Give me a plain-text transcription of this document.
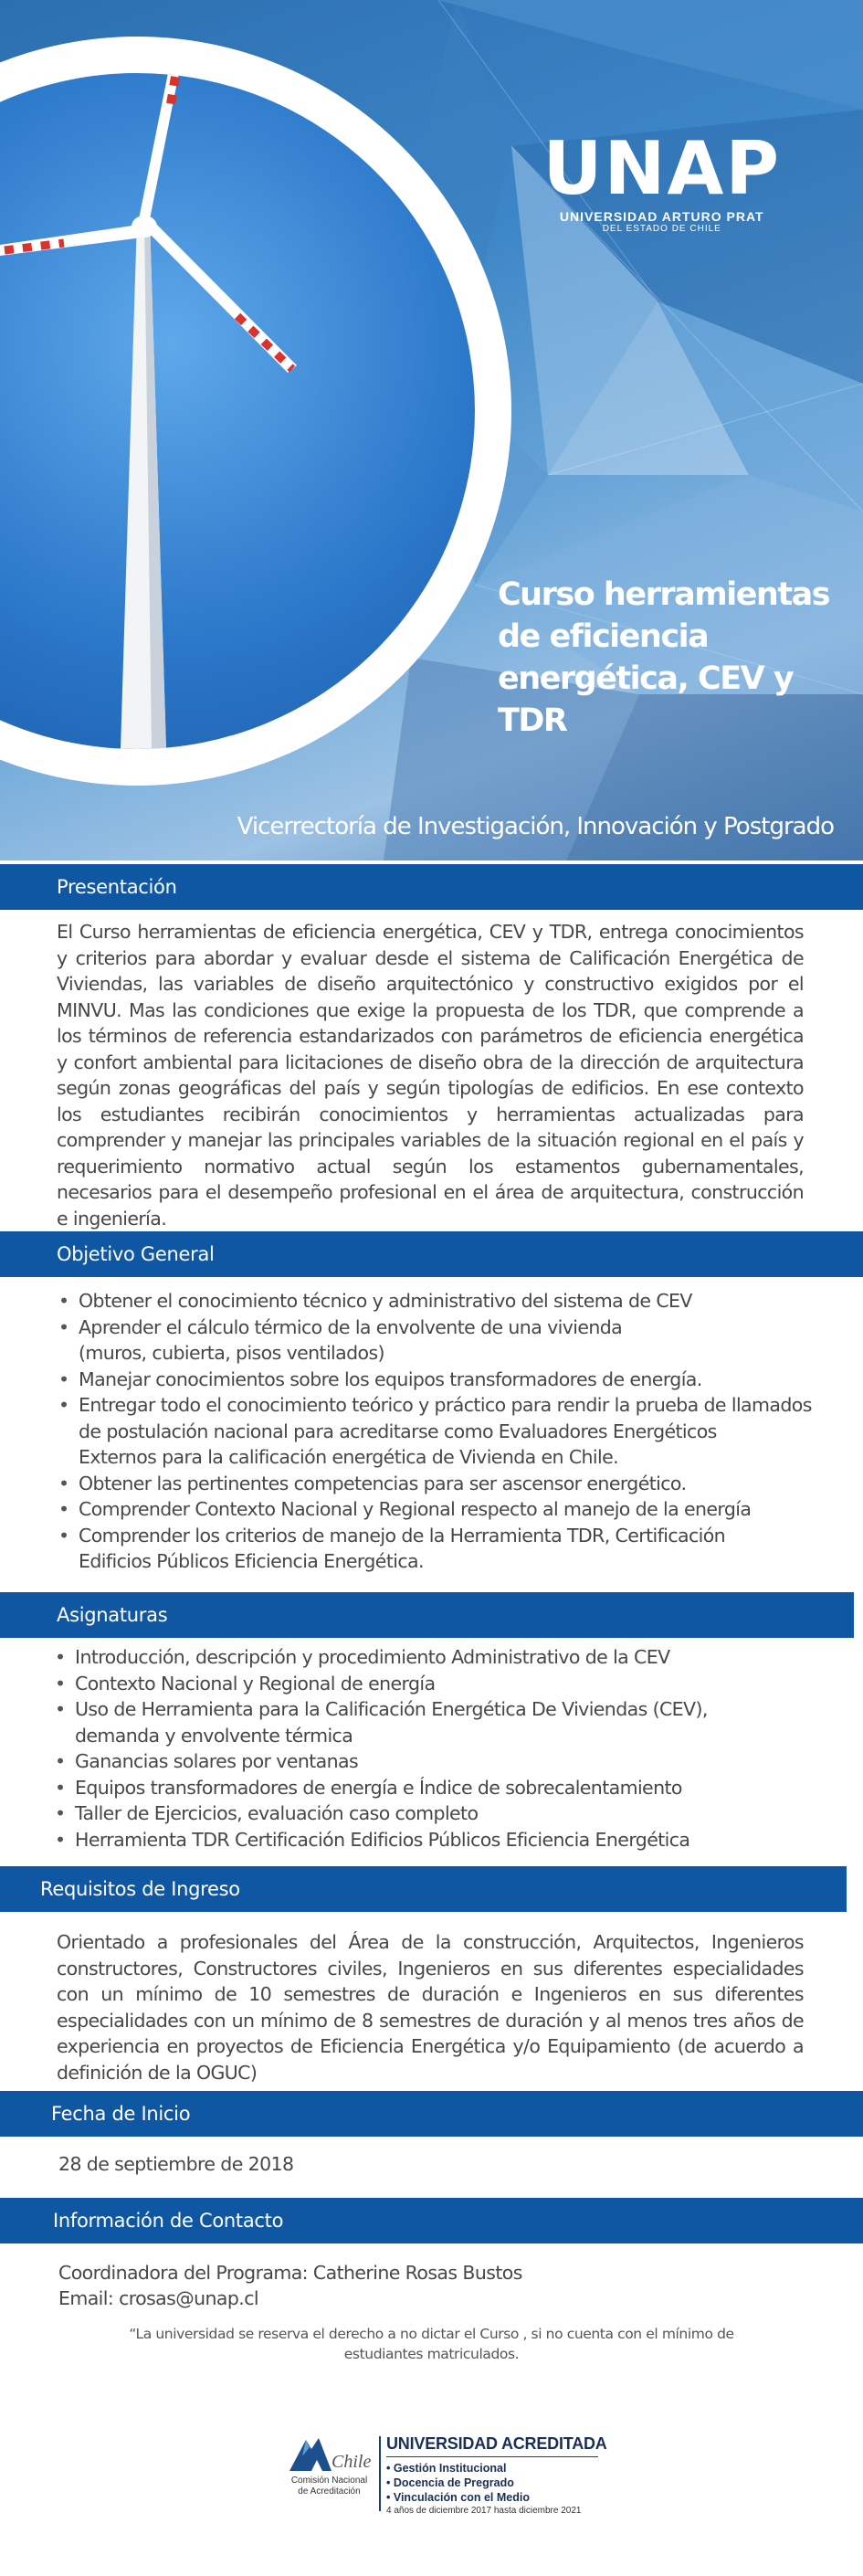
UNAP
UNIVERSIDAD ARTURO PRAT
DEL ESTADO DE CHILE
Curso herramientas de eficiencia energética, CEV y TDR
Vicerrectoría de Investigación, Innovación y Postgrado
Presentación

El Curso herramientas de eficiencia energética, CEV y TDR, entrega conocimientos y criterios para abordar y evaluar desde el sistema de Calificación Energética de Viviendas, las variables de diseño arquitectónico y constructivo exigidos por el MINVU. Mas las condiciones que exige la propuesta de los TDR, que comprende a los términos de referencia estandarizados con parámetros de eficiencia energética y confort ambiental para licitaciones de diseño obra de la dirección de arquitectura según zonas geográficas del país y según tipologías de edificios. En ese contexto los estudiantes recibirán conocimientos y herramientas actualizadas para comprender y manejar las principales variables de la situación regional en el país y requerimiento normativo actual según los estamentos gubernamentales, necesarios para el desempeño profesional en el área de arquitectura, construcción e ingeniería.

Objetivo General
• Obtener el conocimiento técnico y administrativo del sistema de CEV
• Aprender el cálculo térmico de la envolvente de una vivienda
(muros, cubierta, pisos ventilados)
• Manejar conocimientos sobre los equipos transformadores de energía.
• Entregar todo el conocimiento teórico y práctico para rendir la prueba de llamados
de postulación nacional para acreditarse como Evaluadores Energéticos
Externos para la calificación energética de Vivienda en Chile.
• Obtener las pertinentes competencias para ser ascensor energético.
• Comprender Contexto Nacional y Regional respecto al manejo de la energía
• Comprender los criterios de manejo de la Herramienta TDR, Certificación
Edificios Públicos Eficiencia Energética.
Asignaturas
• Introducción, descripción y procedimiento Administrativo de la CEV
• Contexto Nacional y Regional de energía
• Uso de Herramienta para la Calificación Energética De Viviendas (CEV),
demanda y envolvente térmica
• Ganancias solares por ventanas
• Equipos transformadores de energía e Índice de sobrecalentamiento
• Taller de Ejercicios, evaluación caso completo
• Herramienta TDR Certificación Edificios Públicos Eficiencia Energética
Requisitos de Ingreso

Orientado a profesionales del Área de la construcción, Arquitectos, Ingenieros constructores, Constructores civiles, Ingenieros en sus diferentes especialidades con un mínimo de 10 semestres de duración e Ingenieros en sus diferentes especialidades con un mínimo de 8 semestres de duración y al menos tres años de experiencia en proyectos de Eficiencia Energética y/o Equipamiento (de acuerdo a definición de la OGUC)

Fecha de Inicio

28 de septiembre de 2018

Información de Contacto

Coordinadora del Programa: Catherine Rosas Bustos

Email: crosas@unap.cl

“La universidad se reserva el derecho a no dictar el Curso , si no cuenta con el mínimo de estudiantes matriculados.
Chile
Comisión Nacional
de Acreditación
UNIVERSIDAD ACREDITADA
• Gestión Institucional
• Docencia de Pregrado
• Vinculación con el Medio
4 años de diciembre 2017 hasta diciembre 2021
